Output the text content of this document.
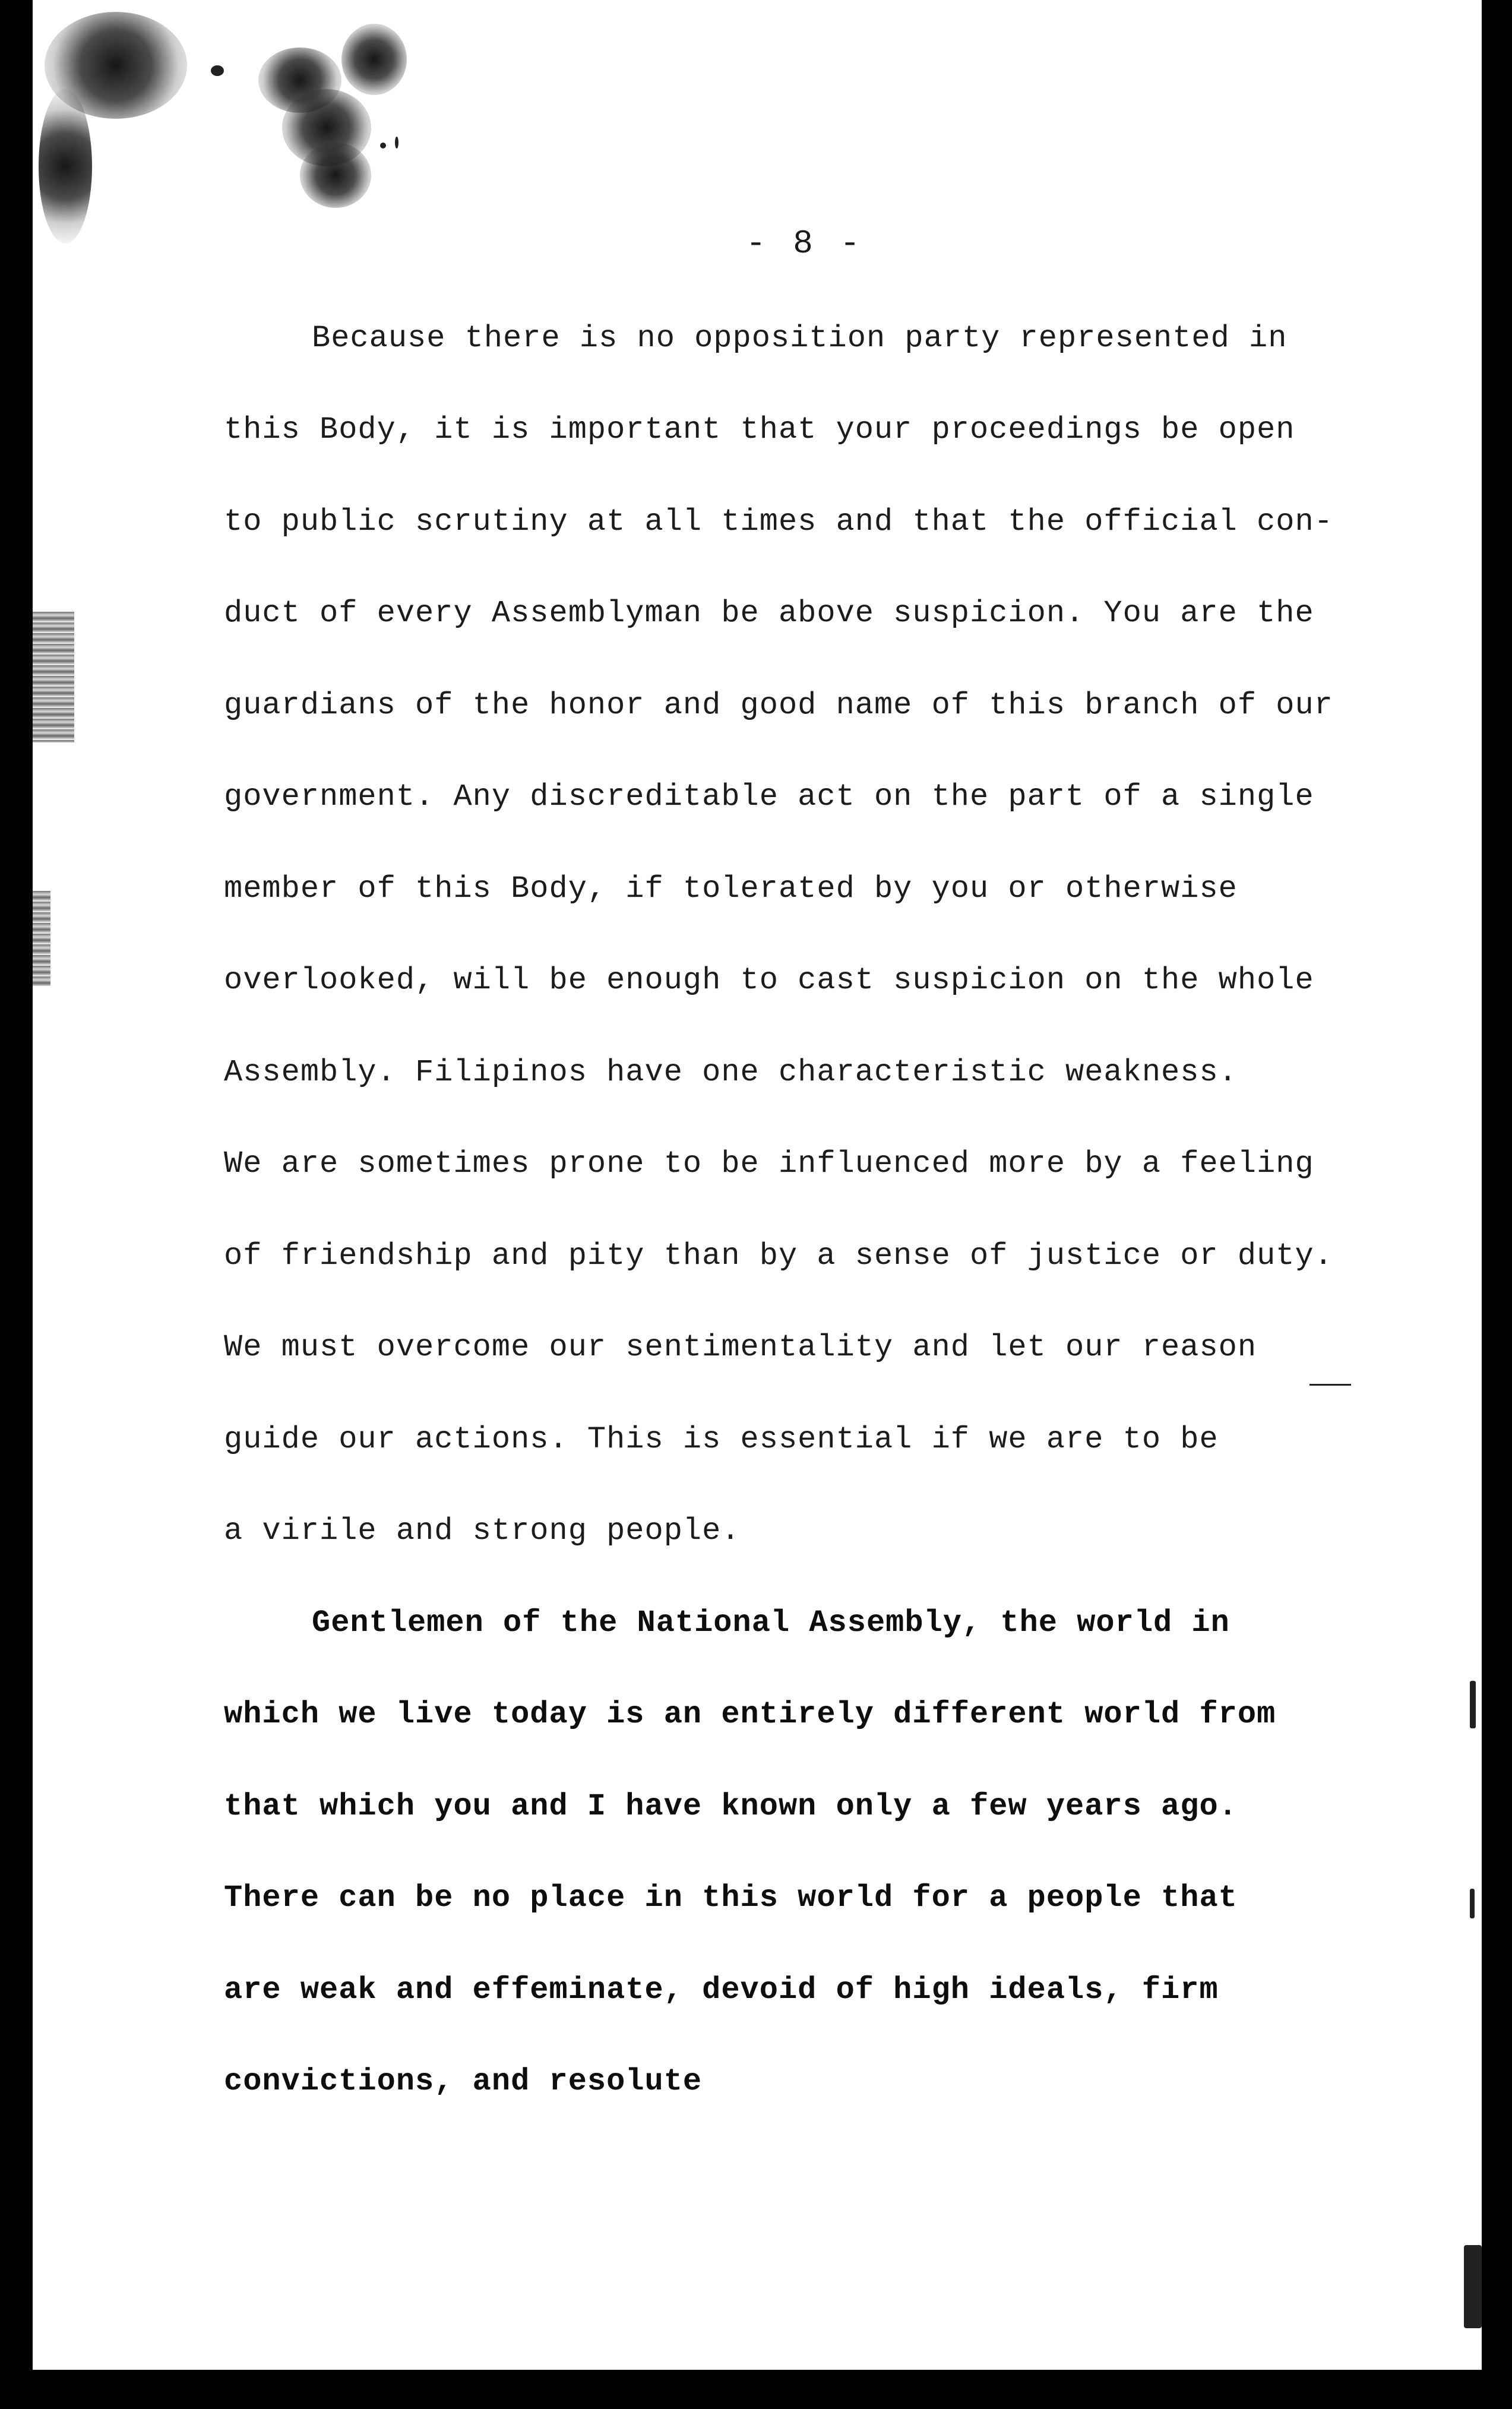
- 8 -
Because there is no opposition party represented in
this Body, it is important that your proceedings be open
to public scrutiny at all times and that the official con-
duct of every Assemblyman be above suspicion. You are the
guardians of the honor and good name of this branch of our
government. Any discreditable act on the part of a single
member of this Body, if tolerated by you or otherwise
overlooked, will be enough to cast suspicion on the whole
Assembly. Filipinos have one characteristic weakness.
We are sometimes prone to be influenced more by a feeling
of friendship and pity than by a sense of justice or duty.
We must overcome our sentimentality and let our reason
guide our actions. This is essential if we are to be
a virile and strong people.
Gentlemen of the National Assembly, the world in
which we live today is an entirely different world from
that which you and I have known only a few years ago.
There can be no place in this world for a people that
are weak and effeminate, devoid of high ideals, firm
convictions, and resolute
